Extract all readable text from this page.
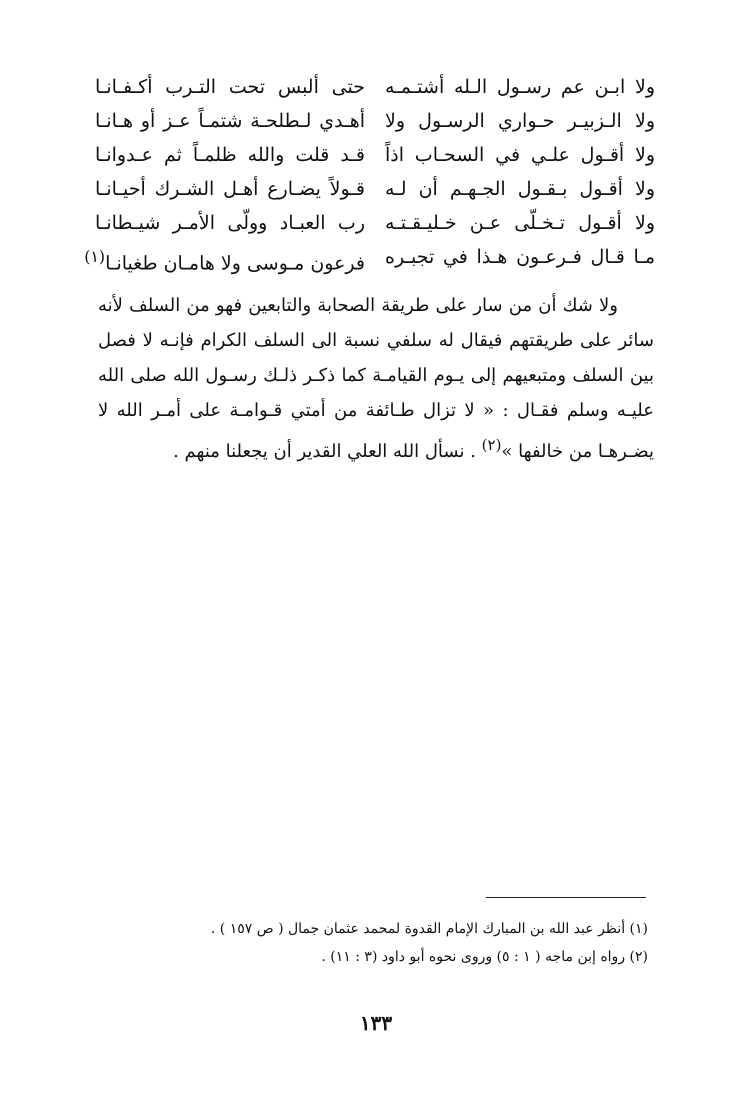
ولا ابـن عم رسـول الـله أشتـمـه
حتى ألبس تحت التـرب أكـفـانـا
ولا الـزبيـر حـواري الرسـول ولا
أهـدي لـطلحـة شتمـاً عـز أو هـانـا
ولا أقـول علـي في السحـاب اذاً
قـد قلت والله ظلمـاً ثم عـدوانـا
ولا أقـول بـقـول الجـهـم أن لـه
قـولاً يضـارع أهـل الشـرك أحيـانـا
ولا أقـول تـخـلّى عـن خـليـقـتـه
رب العبـاد وولّى الأمـر شيـطانـا
مـا قـال فـرعـون هـذا في تجبـره
فرعون مـوسى ولا هامـان طغيانـا$^{(١)}$

ولا شك أن من سار على طريقة الصحابة والتابعين فهو من السلف لأنه سائر على طريقتهم فيقال له سلفي نسبة الى السلف الكرام فإنـه لا فصل بين السلف ومتبعيهم إلى يـوم القيامـة كما ذكـر ذلـك رسـول الله صلى الله عليـه وسلم فقـال : « لا تزال طـائفة من أمتي قـوامـة على أمـر الله لا يضـرهـا من خالفها »$^{(٢)}$ . نسأل الله العلي القدير أن يجعلنا منهم .

(١) أنظر عبد الله بن المبارك الإمام القدوة لمحمد عثمان جمال ( ص ١٥٧ ) .
(٢) رواه إبن ماجه ( ١ : ٥) وروى نحوه أبو داود (٣ : ١١) .
١٣٣
